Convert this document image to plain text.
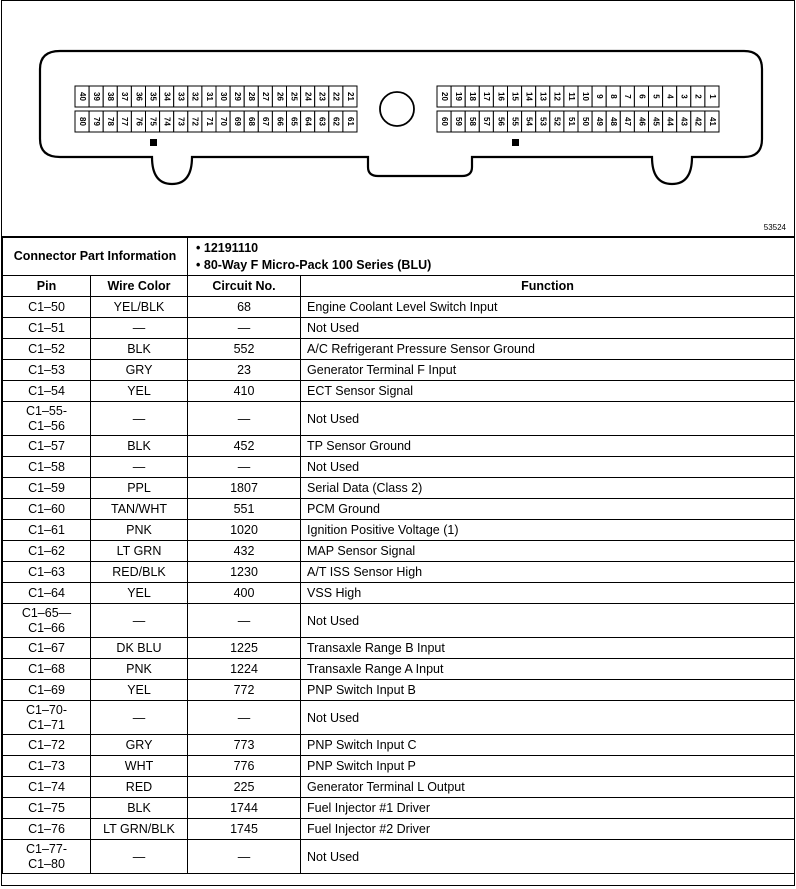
40 39 38 37 36 35 34 33 32 31 30 29 28 27 26 25 24 23 22 21
80 79 78 77 76 75 74 73 72 71 70 69 68 67 66 65 64 63 62 61
20 19 18 17 16 15 14 13 12 11 10 9 8 7 6 5 4 3 2 1
60 59 58 57 56 55 54 53 52 51 50 49 48 47 46 45 44 43 42 41
53524
Connector Part Information		• 12191110
• 80-Way F Micro-Pack 100 Series (BLU)	

Pin	Wire Color	Circuit No.	Function

C1–50	YEL/BLK	68	Engine Coolant Level Switch Input

C1–51	—	—	Not Used

C1–52	BLK	552	A/C Refrigerant Pressure Sensor Ground

C1–53	GRY	23	Generator Terminal F Input

C1–54	YEL	410	ECT Sensor Signal

C1–55-
C1–56	—	—	Not Used

C1–57	BLK	452	TP Sensor Ground

C1–58	—	—	Not Used

C1–59	PPL	1807	Serial Data (Class 2)

C1–60	TAN/WHT	551	PCM Ground

C1–61	PNK	1020	Ignition Positive Voltage (1)

C1–62	LT GRN	432	MAP Sensor Signal

C1–63	RED/BLK	1230	A/T ISS Sensor High

C1–64	YEL	400	VSS High

C1–65—
C1–66	—	—	Not Used

C1–67	DK BLU	1225	Transaxle Range B Input

C1–68	PNK	1224	Transaxle Range A Input

C1–69	YEL	772	PNP Switch Input B

C1–70-
C1–71	—	—	Not Used

C1–72	GRY	773	PNP Switch Input C

C1–73	WHT	776	PNP Switch Input P

C1–74	RED	225	Generator Terminal L Output

C1–75	BLK	1744	Fuel Injector #1 Driver

C1–76	LT GRN/BLK	1745	Fuel Injector #2 Driver

C1–77-
C1–80	—	—	Not Used
